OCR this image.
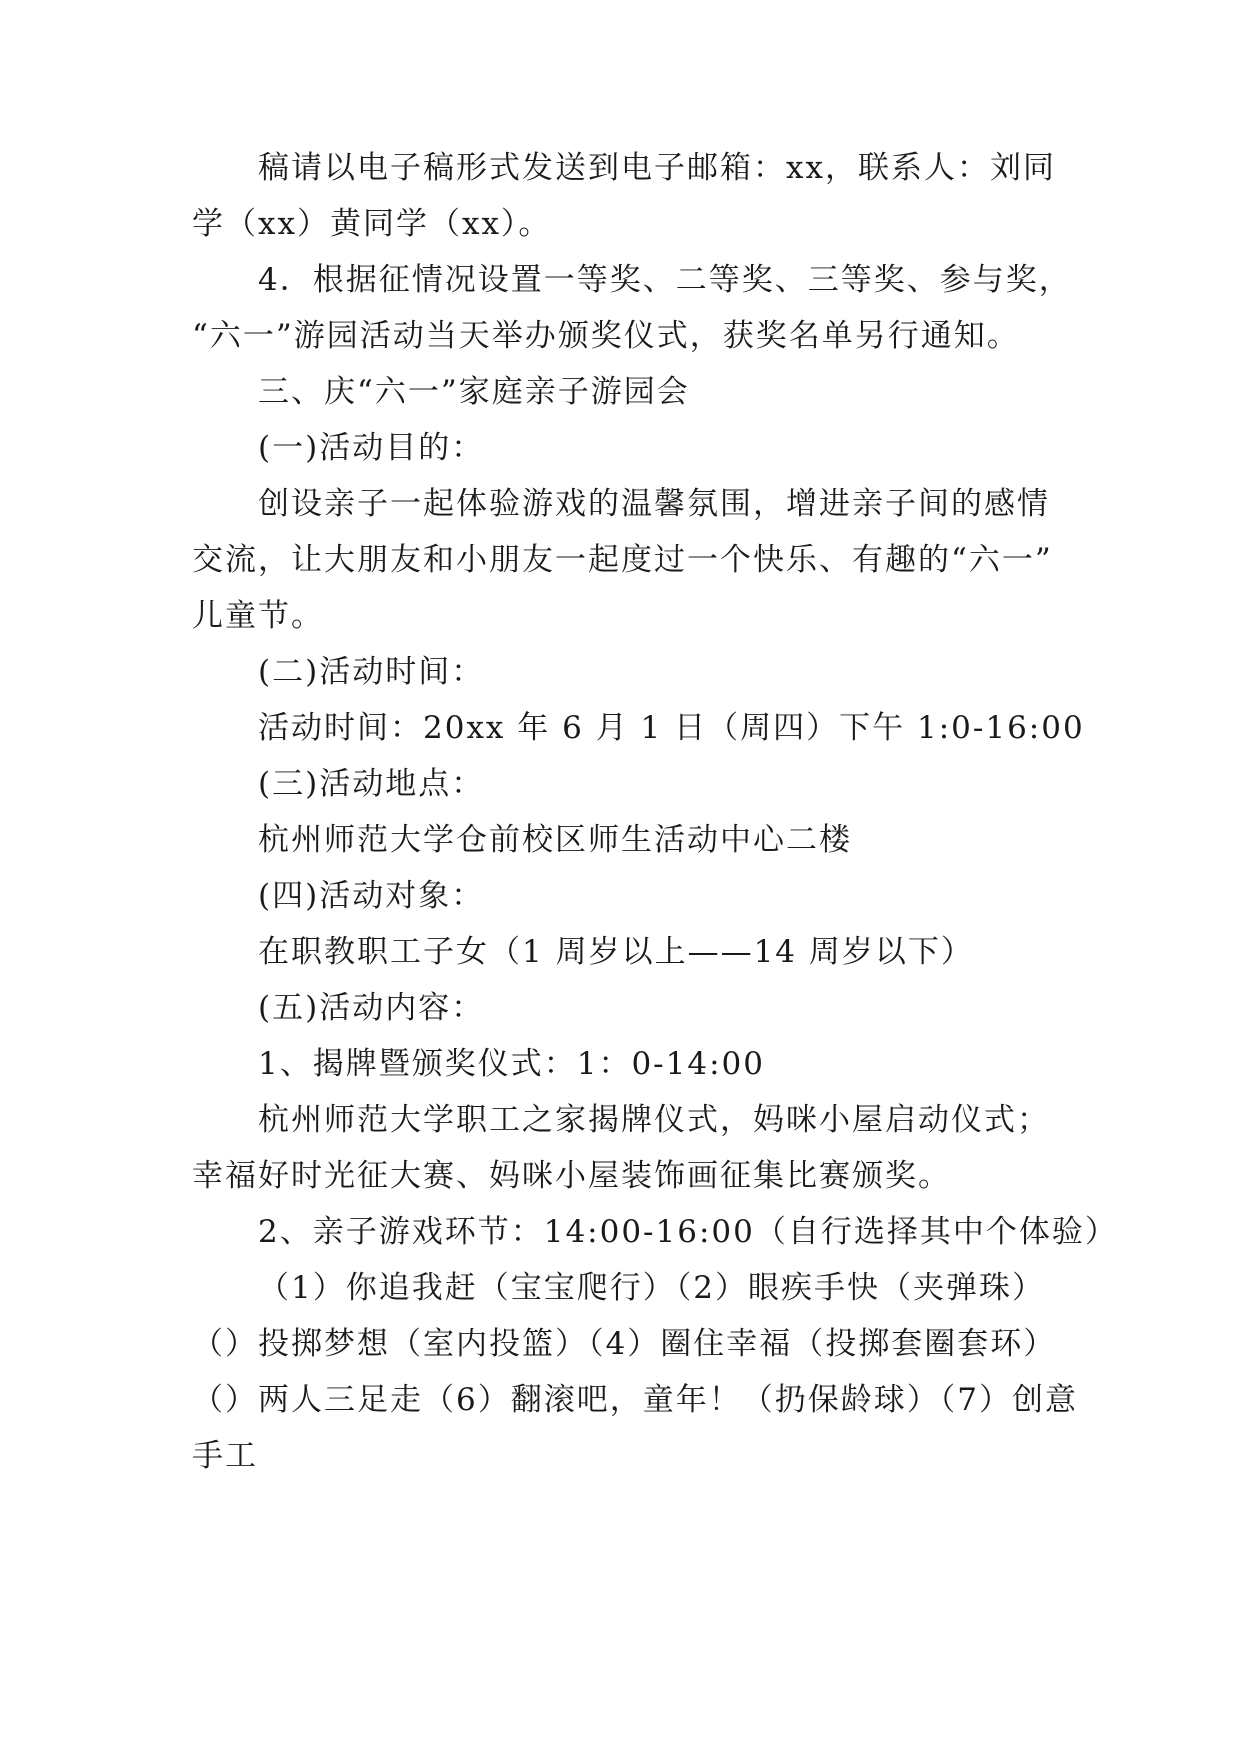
稿请以电子稿形式发送到电子邮箱：xx，联系人：刘同
学（xx）黄同学（xx）。
4．根据征情况设置一等奖、二等奖、三等奖、参与奖，
“六一”游园活动当天举办颁奖仪式，获奖名单另行通知。
三、庆“六一”家庭亲子游园会
(一)活动目的：
创设亲子一起体验游戏的温馨氛围，增进亲子间的感情
交流，让大朋友和小朋友一起度过一个快乐、有趣的“六一”
儿童节。
(二)活动时间：
活动时间：20xx 年 6 月 1 日（周四）下午 1:0-16:00
(三)活动地点：
杭州师范大学仓前校区师生活动中心二楼
(四)活动对象：
在职教职工子女（1 周岁以上——14 周岁以下）
(五)活动内容：
1、揭牌暨颁奖仪式：1：0-14:00
杭州师范大学职工之家揭牌仪式，妈咪小屋启动仪式；
幸福好时光征大赛、妈咪小屋装饰画征集比赛颁奖。
2、亲子游戏环节：14:00-16:00（自行选择其中个体验）
（1）你追我赶（宝宝爬行）（2）眼疾手快（夹弹珠）
（）投掷梦想（室内投篮）（4）圈住幸福（投掷套圈套环）
（）两人三足走（6）翻滚吧，童年！（扔保龄球）（7）创意
手工
